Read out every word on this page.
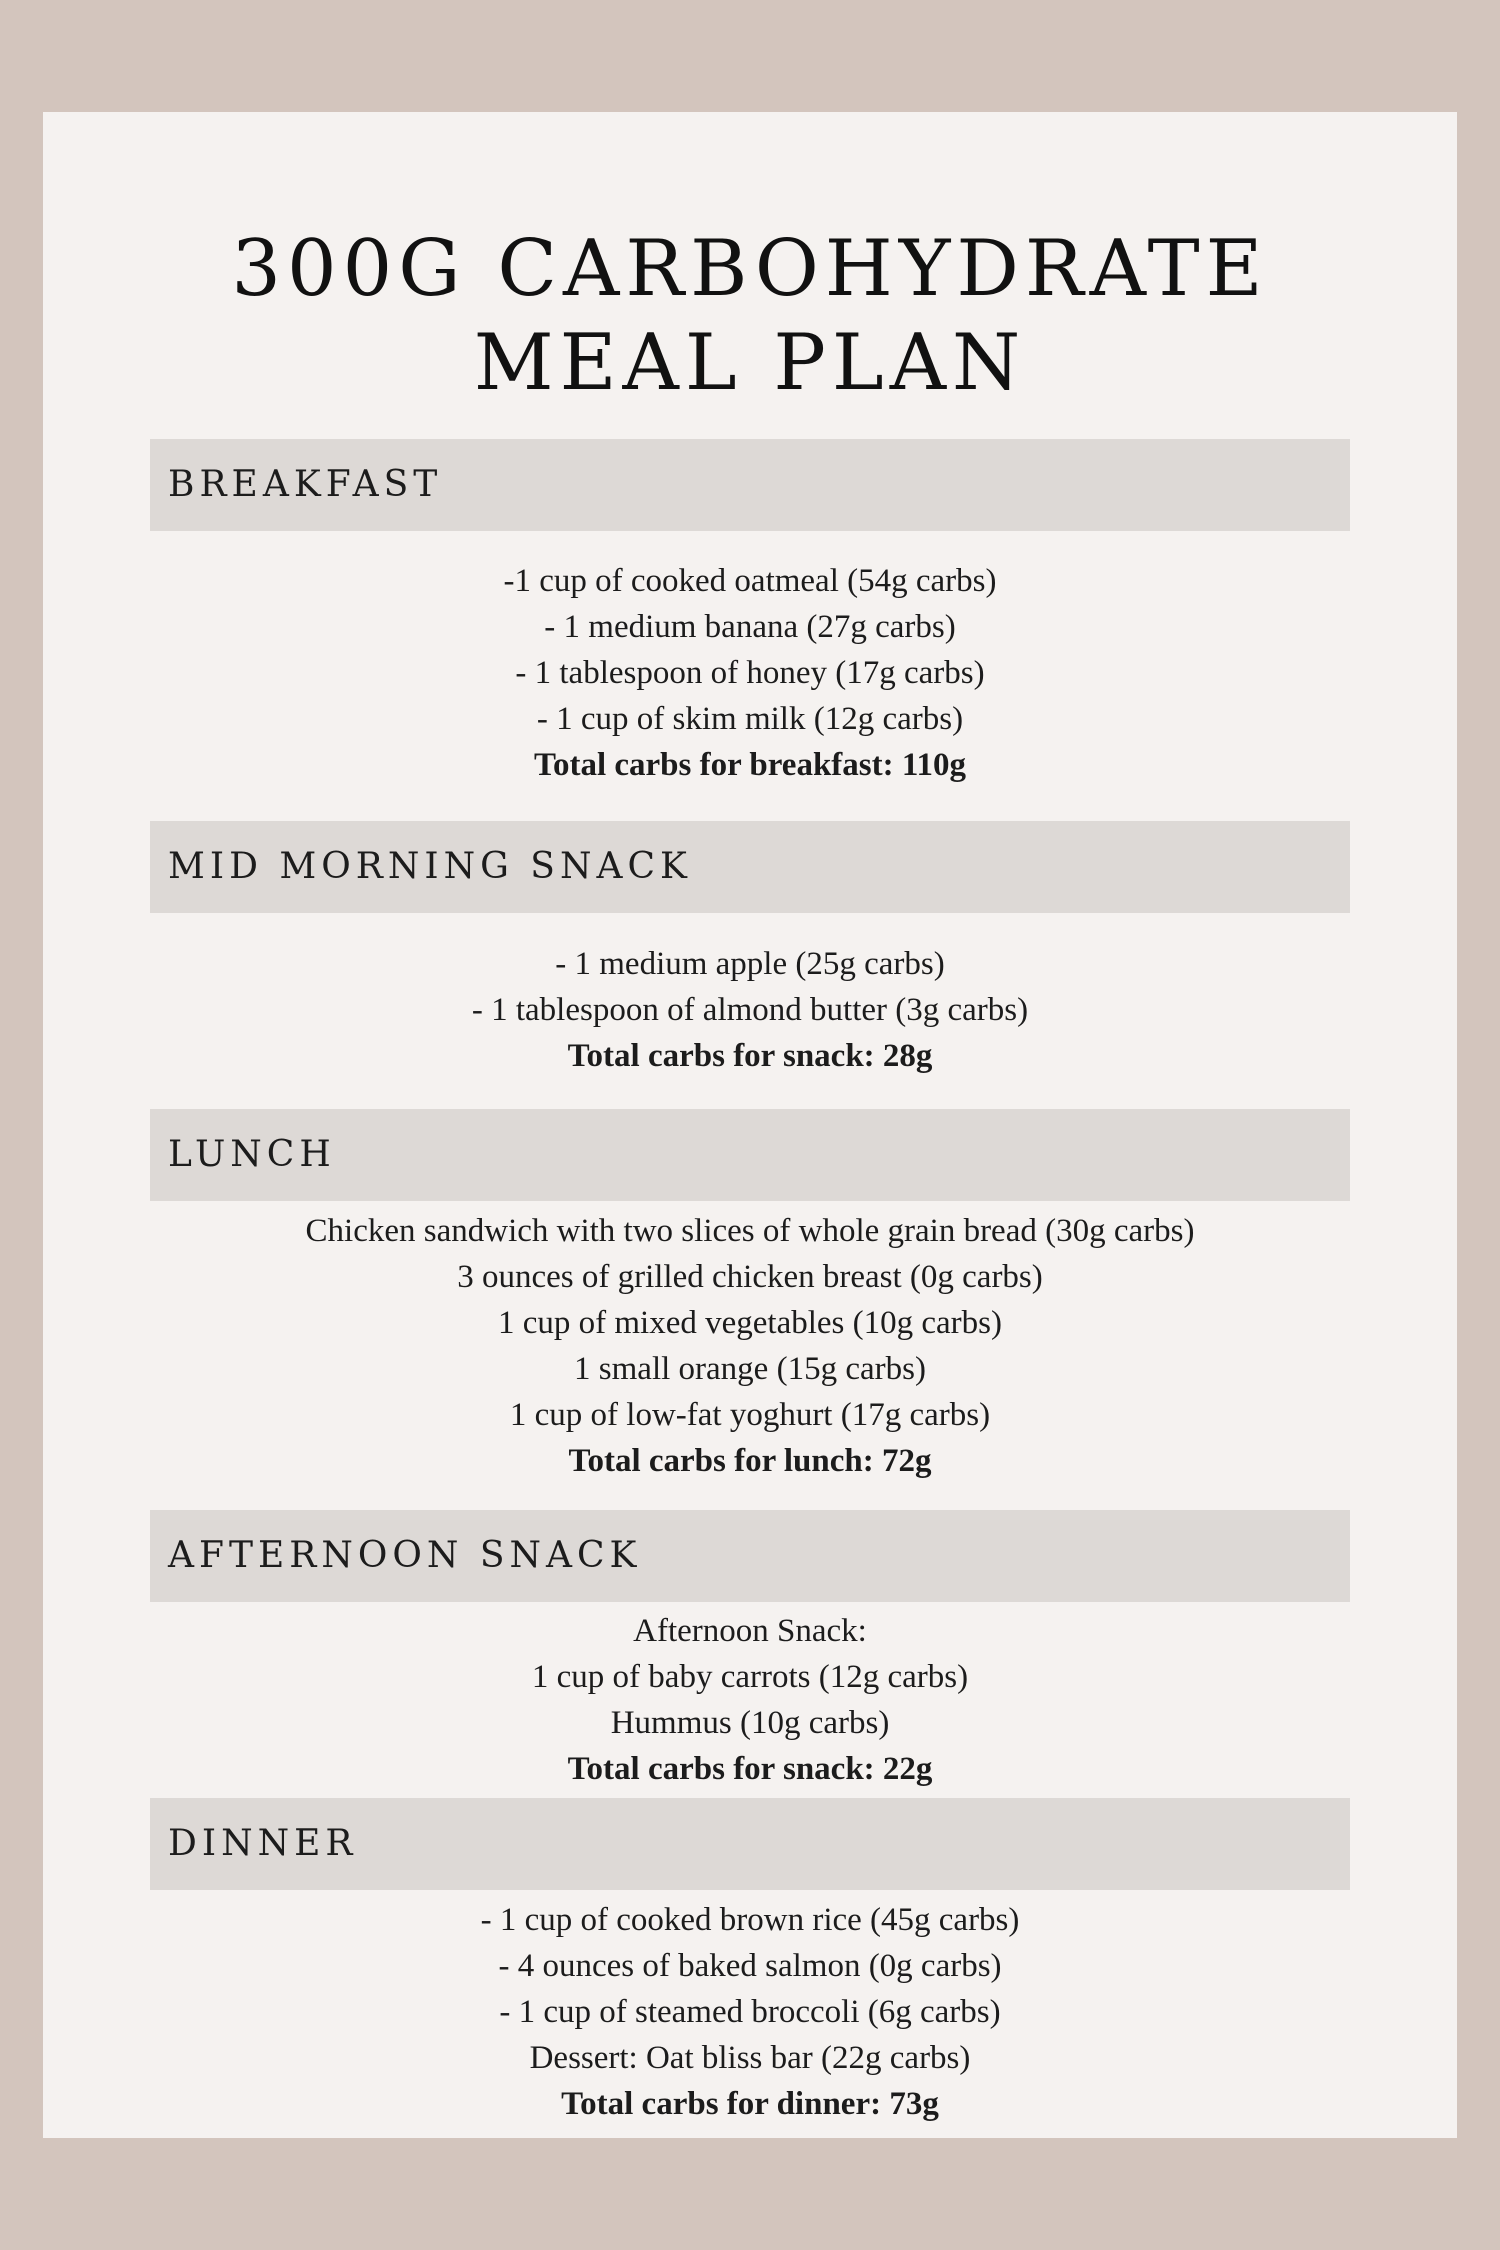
300G CARBOHYDRATE
MEAL PLAN
BREAKFAST
-1 cup of cooked oatmeal (54g carbs)
- 1 medium banana (27g carbs)
- 1 tablespoon of honey (17g carbs)
- 1 cup of skim milk (12g carbs)
Total carbs for breakfast: 110g
MID MORNING SNACK
- 1 medium apple (25g carbs)
- 1 tablespoon of almond butter (3g carbs)
Total carbs for snack: 28g
LUNCH
Chicken sandwich with two slices of whole grain bread (30g carbs)
3 ounces of grilled chicken breast (0g carbs)
1 cup of mixed vegetables (10g carbs)
1 small orange (15g carbs)
1 cup of low-fat yoghurt (17g carbs)
Total carbs for lunch: 72g
AFTERNOON SNACK
Afternoon Snack:
1 cup of baby carrots (12g carbs)
Hummus (10g carbs)
Total carbs for snack: 22g
DINNER
- 1 cup of cooked brown rice (45g carbs)
- 4 ounces of baked salmon (0g carbs)
- 1 cup of steamed broccoli (6g carbs)
Dessert: Oat bliss bar (22g carbs)
Total carbs for dinner: 73g
